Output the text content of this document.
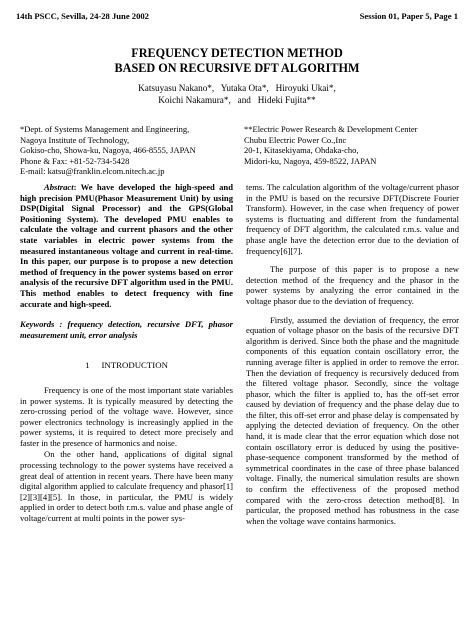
14th PSCC, Sevilla, 24-28 June 2002	Session 01, Paper 5, Page 1
FREQUENCY DETECTION METHOD
BASED ON RECURSIVE DFT ALGORITHM
Katsuyasu Nakano*,   Yutaka Ota*,   Hiroyuki Ukai*,
Koichi Nakamura*,   and   Hideki Fujita**
*Dept. of Systems Management and Engineering,
Nagoya Institute of Technology,
Gokiso-cho, Showa-ku, Nagoya, 466-8555, JAPAN
Phone & Fax: +81-52-734-5428
E-mail: katsu@franklin.elcom.nitech.ac.jp
**Electric Power Research & Development Center
Chubu Electric Power Co.,Inc
20-1, Kitasekiyama, Ohdaka-cho,
Midori-ku, Nagoya, 459-8522, JAPAN

Abstract: We have developed the high-speed and high precision PMU(Phasor Measurement Unit) by using DSP(Digital Signal Processor) and the GPS(Global Positioning System). The developed PMU enables to calculate the voltage and current phasors and the other state variables in electric power systems from the measured instantaneous voltage and current in real-time. In this paper, our purpose is to propose a new detection method of frequency in the power systems based on error analysis of the recursive DFT algorithm used in the PMU. This method enables to detect frequency with fine accurate and high-speed.

Keywords : frequency detection, recursive DFT, phasor measurement unit, error analysis

1 INTRODUCTION

Frequency is one of the most important state variables in power systems. It is typically measured by detecting the zero-crossing period of the voltage wave. However, since power electronics technology is increasingly applied in the power systems, it is required to detect more precisely and faster in the presence of harmonics and noise.

On the other hand, applications of digital signal processing technology to the power systems have received a great deal of attention in recent years. There have been many digital algorithm applied to calculate frequency and phasor[1][2][3][4][5]. In those, in particular, the PMU is widely applied in order to detect both r.m.s. value and phase angle of voltage/current at multi points in the power sys-

tems. The calculation algorithm of the voltage/current phasor in the PMU is based on the recursive DFT(Discrete Fourier Transform). However, in the case when frequency of power systems is fluctuating and different from the fundamental frequency of DFT algorithm, the calculated r.m.s. value and phase angle have the detection error due to the deviation of frequency[6][7].

The purpose of this paper is to propose a new detection method of the frequency and the phasor in the power systems by analyzing the error contained in the voltage phasor due to the deviation of frequency.

Firstly, assumed the deviation of frequency, the error equation of voltage phasor on the basis of the recursive DFT algorithm is derived. Since both the phase and the magnitude components of this equation contain oscillatory error, the running average filter is applied in order to remove the error. Then the deviation of frequency is recursively deduced from the filtered voltage phasor. Secondly, since the voltage phasor, which the filter is applied to, has the off-set error caused by deviation of frequency and the phase delay due to the filter, this off-set error and phase delay is compensated by applying the detected deviation of frequency. On the other hand, it is made clear that the error equation which dose not contain oscillatory error is deduced by using the positive-phase-sequence component transformed by the method of symmetrical coordinates in the case of three phase balanced voltage. Finally, the numerical simulation results are shown to confirm the effectiveness of the proposed method compared with the zero-cross detection method[8]. In particular, the proposed method has robustness in the case when the voltage wave contains harmonics.
